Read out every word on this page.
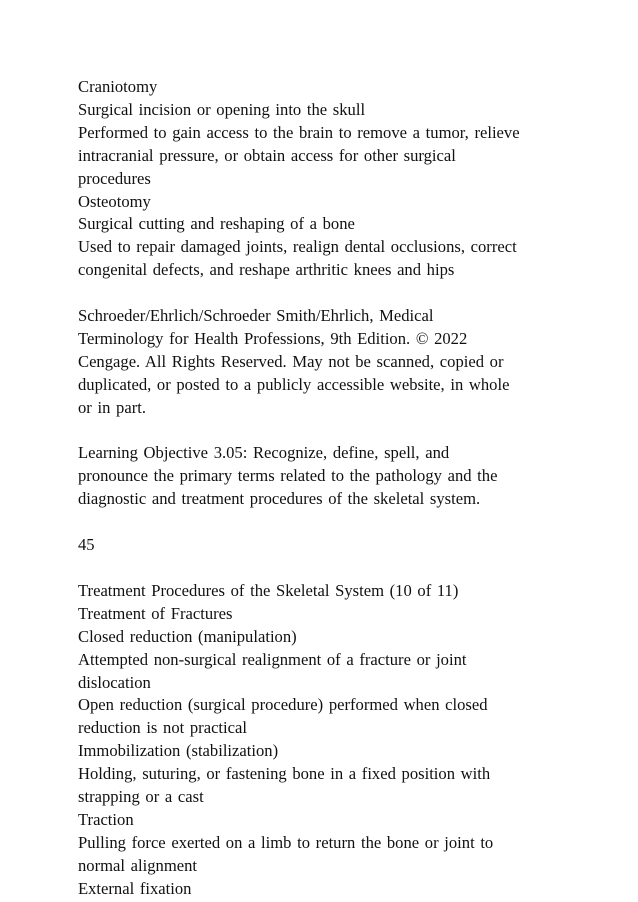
Craniotomy
Surgical incision or opening into the skull
Performed to gain access to the brain to remove a tumor, relieve
intracranial pressure, or obtain access for other surgical
procedures
Osteotomy
Surgical cutting and reshaping of a bone
Used to repair damaged joints, realign dental occlusions, correct
congenital defects, and reshape arthritic knees and hips
Schroeder/Ehrlich/Schroeder Smith/Ehrlich, Medical
Terminology for Health Professions, 9th Edition. © 2022
Cengage. All Rights Reserved. May not be scanned, copied or
duplicated, or posted to a publicly accessible website, in whole
or in part.
Learning Objective 3.05: Recognize, define, spell, and
pronounce the primary terms related to the pathology and the
diagnostic and treatment procedures of the skeletal system.
45
Treatment Procedures of the Skeletal System (10 of 11)
Treatment of Fractures
Closed reduction (manipulation)
Attempted non-surgical realignment of a fracture or joint
dislocation
Open reduction (surgical procedure) performed when closed
reduction is not practical
Immobilization (stabilization)
Holding, suturing, or fastening bone in a fixed position with
strapping or a cast
Traction
Pulling force exerted on a limb to return the bone or joint to
normal alignment
External fixation
